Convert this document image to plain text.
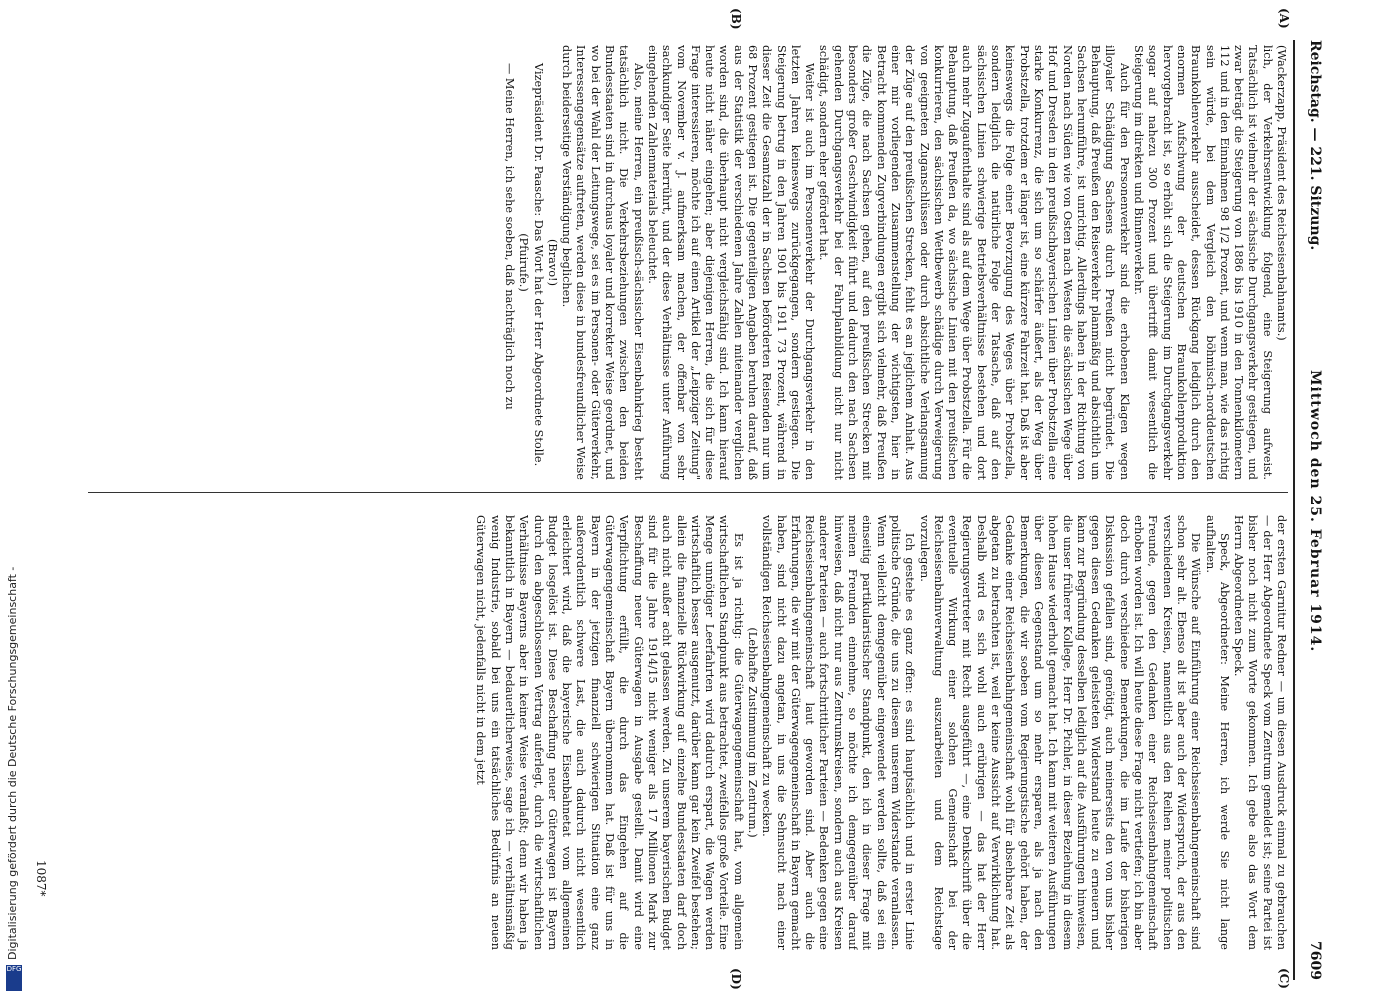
Reichstag. — 221. Sitzung.
Mittwoch den 25. Februar 1914.
7609

(Wackerzapp, Präsident des Reichseisenbahnamts.)

lich, der Verkehrsentwicklung folgend, eine Steigerung aufweist. Tatsächlich ist vielmehr der sächsische Durchgangsverkehr gestiegen, und zwar beträgt die Steigerung von 1886 bis 1910 in den Tonnenkilometern 112 und in den Einnahmen 98 1/2 Prozent, und wenn man, wie das richtig sein würde, bei dem Vergleich den böhmisch-norddeutschen Braunkohlenverkehr ausscheidet, dessen Rückgang lediglich durch den enormen Aufschwung der deutschen Braunkohlenproduktion hervorgebracht ist, so erhöht sich die Steigerung im Durchgangsverkehr sogar auf nahezu 300 Prozent und übertrifft damit wesentlich die Steigerung im direkten und Binnenverkehr.

Auch für den Personenverkehr sind die erhobenen Klagen wegen illoyaler Schädigung Sachsens durch Preußen nicht begründet. Die Behauptung, daß Preußen den Reiseverkehr planmäßig und absichtlich um Sachsen herumführe, ist unrichtig. Allerdings haben in der Richtung von Norden nach Süden wie von Osten nach Westen die sächsischen Wege über Hof und Dresden in den preußischbayerischen Linien über Probstzella eine starke Konkurrenz, die sich um so schärfer äußert, als der Weg über Probstzella, trotzdem er länger ist, eine kürzere Fahrzeit hat. Daß ist aber keineswegs die Folge einer Bevorzugung des Weges über Probstzella, sondern lediglich die natürliche Folge der Tatsache, daß auf den sächsischen Linien schwierige Betriebsverhältnisse bestehen und dort auch mehr Zugaufenthalte sind als auf dem Wege über Probstzella. Für die Behauptung, daß Preußen da, wo sächsische Linien mit den preußischen konkurrieren, den sächsischen Wettbewerb schädige durch Verweigerung von geeigneten Zuganschlüssen oder durch absichtliche Verlangsamung der Züge auf den preußischen Strecken, fehlt es an jeglichem Anhalt. Aus einer mir vorliegenden Zusammenstellung der wichtigsten, hier in Betracht kommenden Zugverbindungen ergibt sich vielmehr, daß Preußen die Züge, die nach Sachsen gehen, auf den preußischen Strecken mit besonders großer Geschwindigkeit führt und dadurch den nach Sachsen gehenden Durchgangsverkehr bei der Fahrplanbildung nicht nur nicht schädigt, sondern eher gefördert hat.

Weiter ist auch im Personenverkehr der Durchgangsverkehr in den letzten Jahren keineswegs zurückgegangen, sondern gestiegen. Die Steigerung betrug in den Jahren 1901 bis 1911 73 Prozent, während in dieser Zeit die Gesamtzahl der in Sachsen beförderten Reisenden nur um 68 Prozent gestiegen ist. Die gegenteiligen Angaben beruhen darauf, daß aus der Statistik der verschiedenen Jahre Zahlen miteinander verglichen worden sind, die überhaupt nicht vergleichsfähig sind. Ich kann hierauf heute nicht näher eingehen; aber diejenigen Herren, die sich für diese Frage interessieren, möchte ich auf einen Artikel der „Leipziger Zeitung" vom November v. J. aufmerksam machen, der offenbar von sehr sachkundiger Seite herrührt, und der diese Verhältnisse unter Anführung eingehenden Zahlenmaterials beleuchtet.

Also, meine Herren, ein preußisch-sächsischer Eisenbahnkrieg besteht tatsächlich nicht. Die Verkehrsbeziehungen zwischen den beiden Bundesstaaten sind in durchaus loyaler und korrekter Weise geordnet, und wo bei der Wahl der Leitungswege, sei es im Personen- oder Güterverkehr, Interessengegensätze auftreten, werden diese in bundesfreundlicher Weise durch beiderseitige Verständigung beglichen.

(Bravo!)

Vizepräsident Dr. Paasche: Das Wort hat der Herr Abgeordnete Stolle.

(Pfuirufe.)

— Meine Herren, ich sehe soeben, daß nachträglich noch zu

der ersten Garnitur Redner — um diesen Ausdruck einmal zu gebrauchen — der Herr Abgeordnete Speck vom Zentrum gemeldet ist; seine Partei ist bisher noch nicht zum Worte gekommen. Ich gebe also das Wort dem Herrn Abgeordneten Speck.

Speck, Abgeordneter: Meine Herren, ich werde Sie nicht lange aufhalten.

Die Wünsche auf Einführung einer Reichseisenbahngemeinschaft sind schon sehr alt. Ebenso alt ist aber auch der Widerspruch, der aus den verschiedenen Kreisen, namentlich aus den Reihen meiner politischen Freunde, gegen den Gedanken einer Reichseisenbahngemeinschaft erhoben worden ist. Ich will heute diese Frage nicht vertiefen; ich bin aber doch durch verschiedene Bemerkungen, die im Laufe der bisherigen Diskussion gefallen sind, genötigt, auch meinerseits den von uns bisher gegen diesen Gedanken geleisteten Widerstand heute zu erneuern und kann zur Begründung desselben lediglich auf die Ausführungen hinweisen, die unser früherer Kollege, Herr Dr. Pichler, in dieser Beziehung in diesem hohen Hause wiederholt gemacht hat. Ich kann mit weiteren Ausführungen über diesen Gegenstand um so mehr ersparen, als ja nach den Bemerkungen, die wir soeben vom Regierungstische gehört haben, der Gedanke einer Reichseisenbahngemeinschaft wohl für absehbare Zeit als abgetan zu betrachten ist, weil er keine Aussicht auf Verwirklichung hat. Deshalb wird es sich wohl auch erübrigen — das hat der Herr Regierungsvertreter mit Recht ausgeführt —, eine Denkschrift über die eventuelle Wirkung einer solchen Gemeinschaft bei der Reichseisenbahnverwaltung auszuarbeiten und dem Reichstage vorzulegen.

Ich gestehe es ganz offen: es sind hauptsächlich und in erster Linie politische Gründe, die uns zu diesem unserem Widerstande veranlassen. Wenn vielleicht demgegenüber eingewendet werden sollte, daß sei ein einseitig partikularistischer Standpunkt, den ich in dieser Frage mit meinen Freunden einnehme, so möchte ich demgegenüber darauf hinweisen, daß nicht nur aus Zentrumskreisen, sondern auch aus Kreisen anderer Parteien — auch fortschrittlicher Parteien — Bedenken gegen eine Reichseisenbahngemeinschaft laut geworden sind. Aber auch die Erfahrungen, die wir mit der Güterwagengemeinschaft in Bayern gemacht haben, sind nicht dazu angetan, in uns die Sehnsucht nach einer vollständigen Reichseisenbahngemeinschaft zu wecken.

(Lebhafte Zustimmung im Zentrum.)

Es ist ja richtig: die Güterwagengemeinschaft hat, vom allgemein wirtschaftlichen Standpunkt aus betrachtet, zweifellos große Vorteile. Eine Menge unnötiger Leerfahrten wird dadurch erspart, die Wagen werden wirtschaftlich besser ausgenutzt, darüber kann gar kein Zweifel bestehen; allein die finanzielle Rückwirkung auf einzelne Bundesstaaten darf doch auch nicht außer acht gelassen werden. Zu unserem bayerischen Budget sind für die Jahre 1914/15 nicht weniger als 17 Millionen Mark zur Beschaffung neuer Güterwagen in Ausgabe gestellt. Damit wird eine Verpflichtung erfüllt, die durch das Eingehen auf die Güterwagengemeinschaft Bayern übernommen hat. Daß ist für uns in Bayern in der jetzigen finanziell schwierigen Situation eine ganz außerordentlich schwere Last, die auch dadurch nicht wesentlich erleichtert wird, daß die bayerische Eisenbahnetat vom allgemeinen Budget losgelöst ist. Diese Beschaffung neuer Güterwagen ist Bayern durch den abgeschlossenen Vertrag auferlegt, durch die wirtschaftlichen Verhältnisse Bayerns aber in keiner Weise veranlaßt; denn wir haben ja bekanntlich in Bayern — bedauerlicherweise, sage ich — verhältnismäßig wenig Industrie, sobald bei uns ein tatsächliches Bedürfnis an neuen Güterwagen nicht, jedenfalls nicht in dem jetzt

(A)
(B)
(C)
(D)
1087*
Digitalisierung gefördert durch die Deutsche Forschungsgemeinschaft -
DFG
